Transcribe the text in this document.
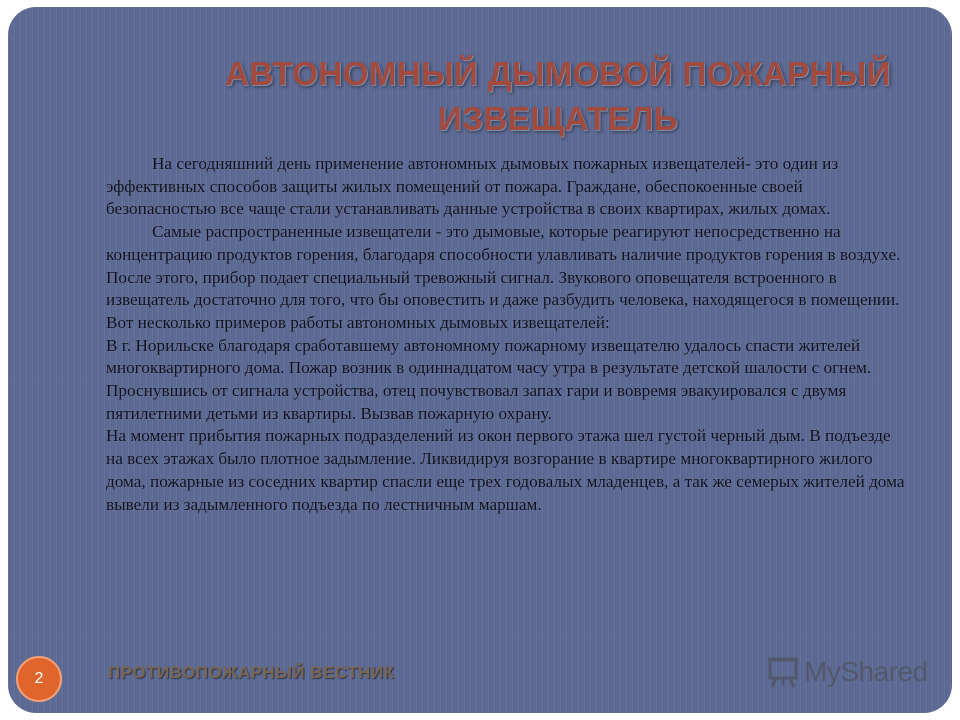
АВТОНОМНЫЙ ДЫМОВОЙ ПОЖАРНЫЙ ИЗВЕЩАТЕЛЬ

На сегодняшний день применение автономных дымовых пожарных извещателей- это один из эффективных способов защиты жилых помещений от пожара. Граждане, обеспокоенные своей безопасностью все чаще стали устанавливать данные устройства в своих квартирах, жилых домах.

Самые распространенные извещатели - это дымовые, которые реагируют непосредственно на концентрацию продуктов горения, благодаря способности улавливать наличие продуктов горения в воздухе. После этого, прибор подает специальный тревожный сигнал. Звукового оповещателя встроенного в извещатель достаточно для того, что бы оповестить и даже разбудить человека, находящегося в помещении. Вот несколько примеров работы автономных дымовых извещателей:

В г. Норильске благодаря сработавшему автономному пожарному извещателю удалось спасти жителей многоквартирного дома. Пожар возник в одиннадцатом часу утра в результате детской шалости с огнем. Проснувшись от сигнала устройства, отец почувствовал запах гари и вовремя эвакуировался с двумя пятилетними детьми из квартиры. Вызвав пожарную охрану.

На момент прибытия пожарных подразделений из окон первого этажа шел густой черный дым. В подъезде на всех этажах было плотное задымление. Ликвидируя возгорание в квартире многоквартирного жилого дома, пожарные из соседних квартир спасли еще трех годовалых младенцев, а так же семерых жителей дома вывели из задымленного подъезда по лестничным маршам.

2	ПРОТИВОПОЖАРНЫЙ ВЕСТНИК	MyShared
